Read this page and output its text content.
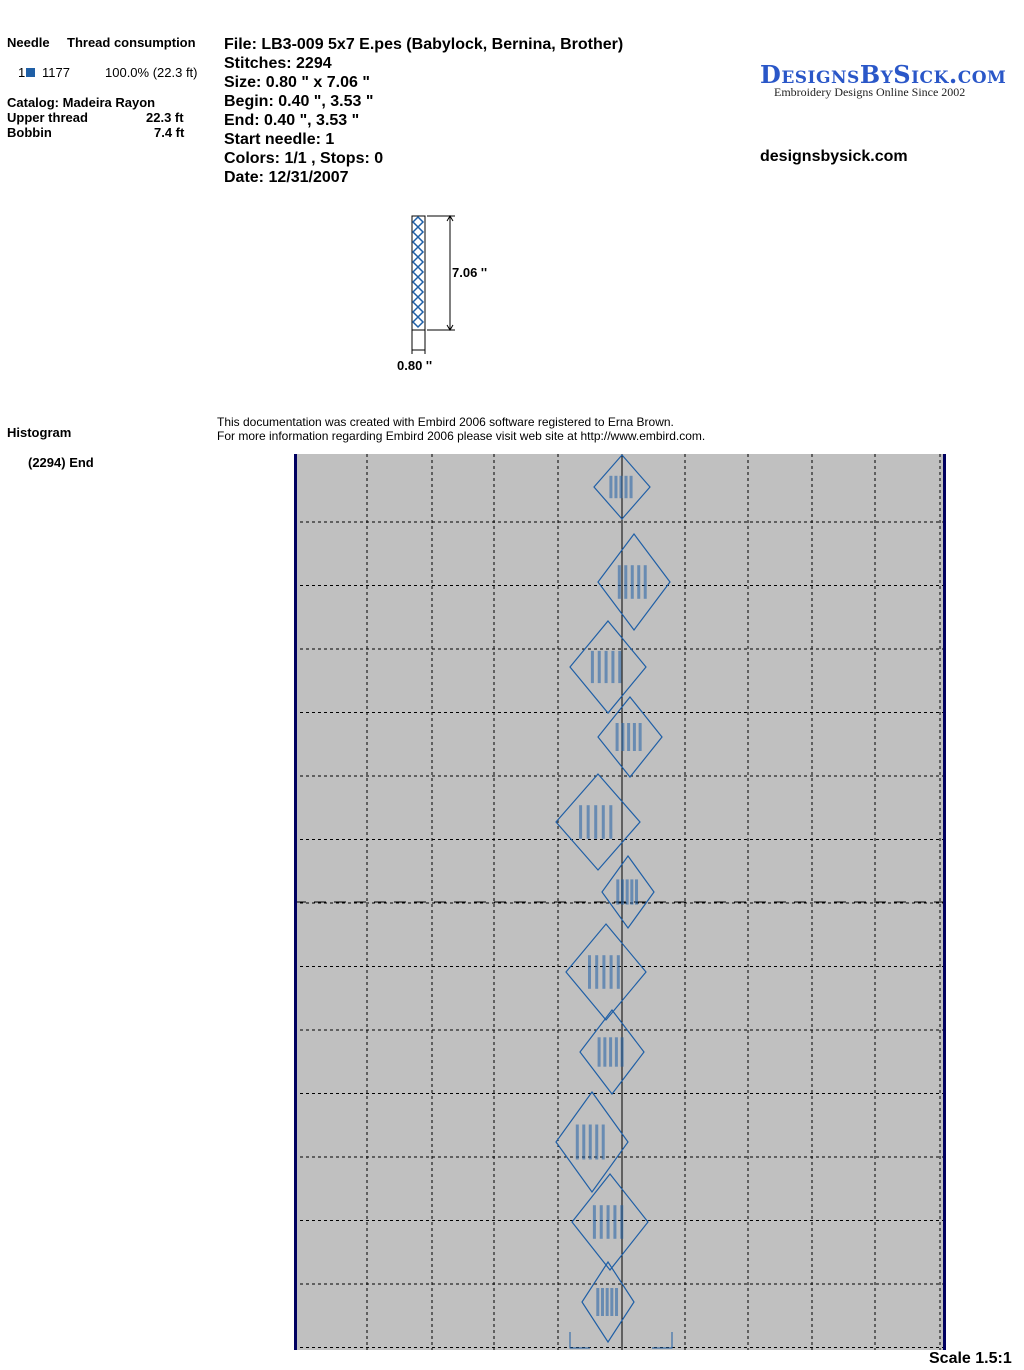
Needle Thread consumption
1	1177	100.0% (22.3 ft)
Catalog: Madeira Rayon
Upper thread	22.3 ft
Bobbin	7.4 ft
File: LB3-009 5x7 E.pes (Babylock, Bernina, Brother)
Stitches: 2294
Size: 0.80 " x 7.06 "
Begin: 0.40 ", 3.53 "
End: 0.40 ", 3.53 "
Start needle: 1
Colors: 1/1 , Stops: 0
Date: 12/31/2007
DesignsBySick.com
Embroidery Designs Online Since 2002
designsbysick.com
7.06 ''
0.80 ''
This documentation was created with Embird 2006 software registered to Erna Brown.
For more information regarding Embird 2006 please visit web site at http://www.embird.com.
Histogram
(2294) End
Scale 1.5:1
